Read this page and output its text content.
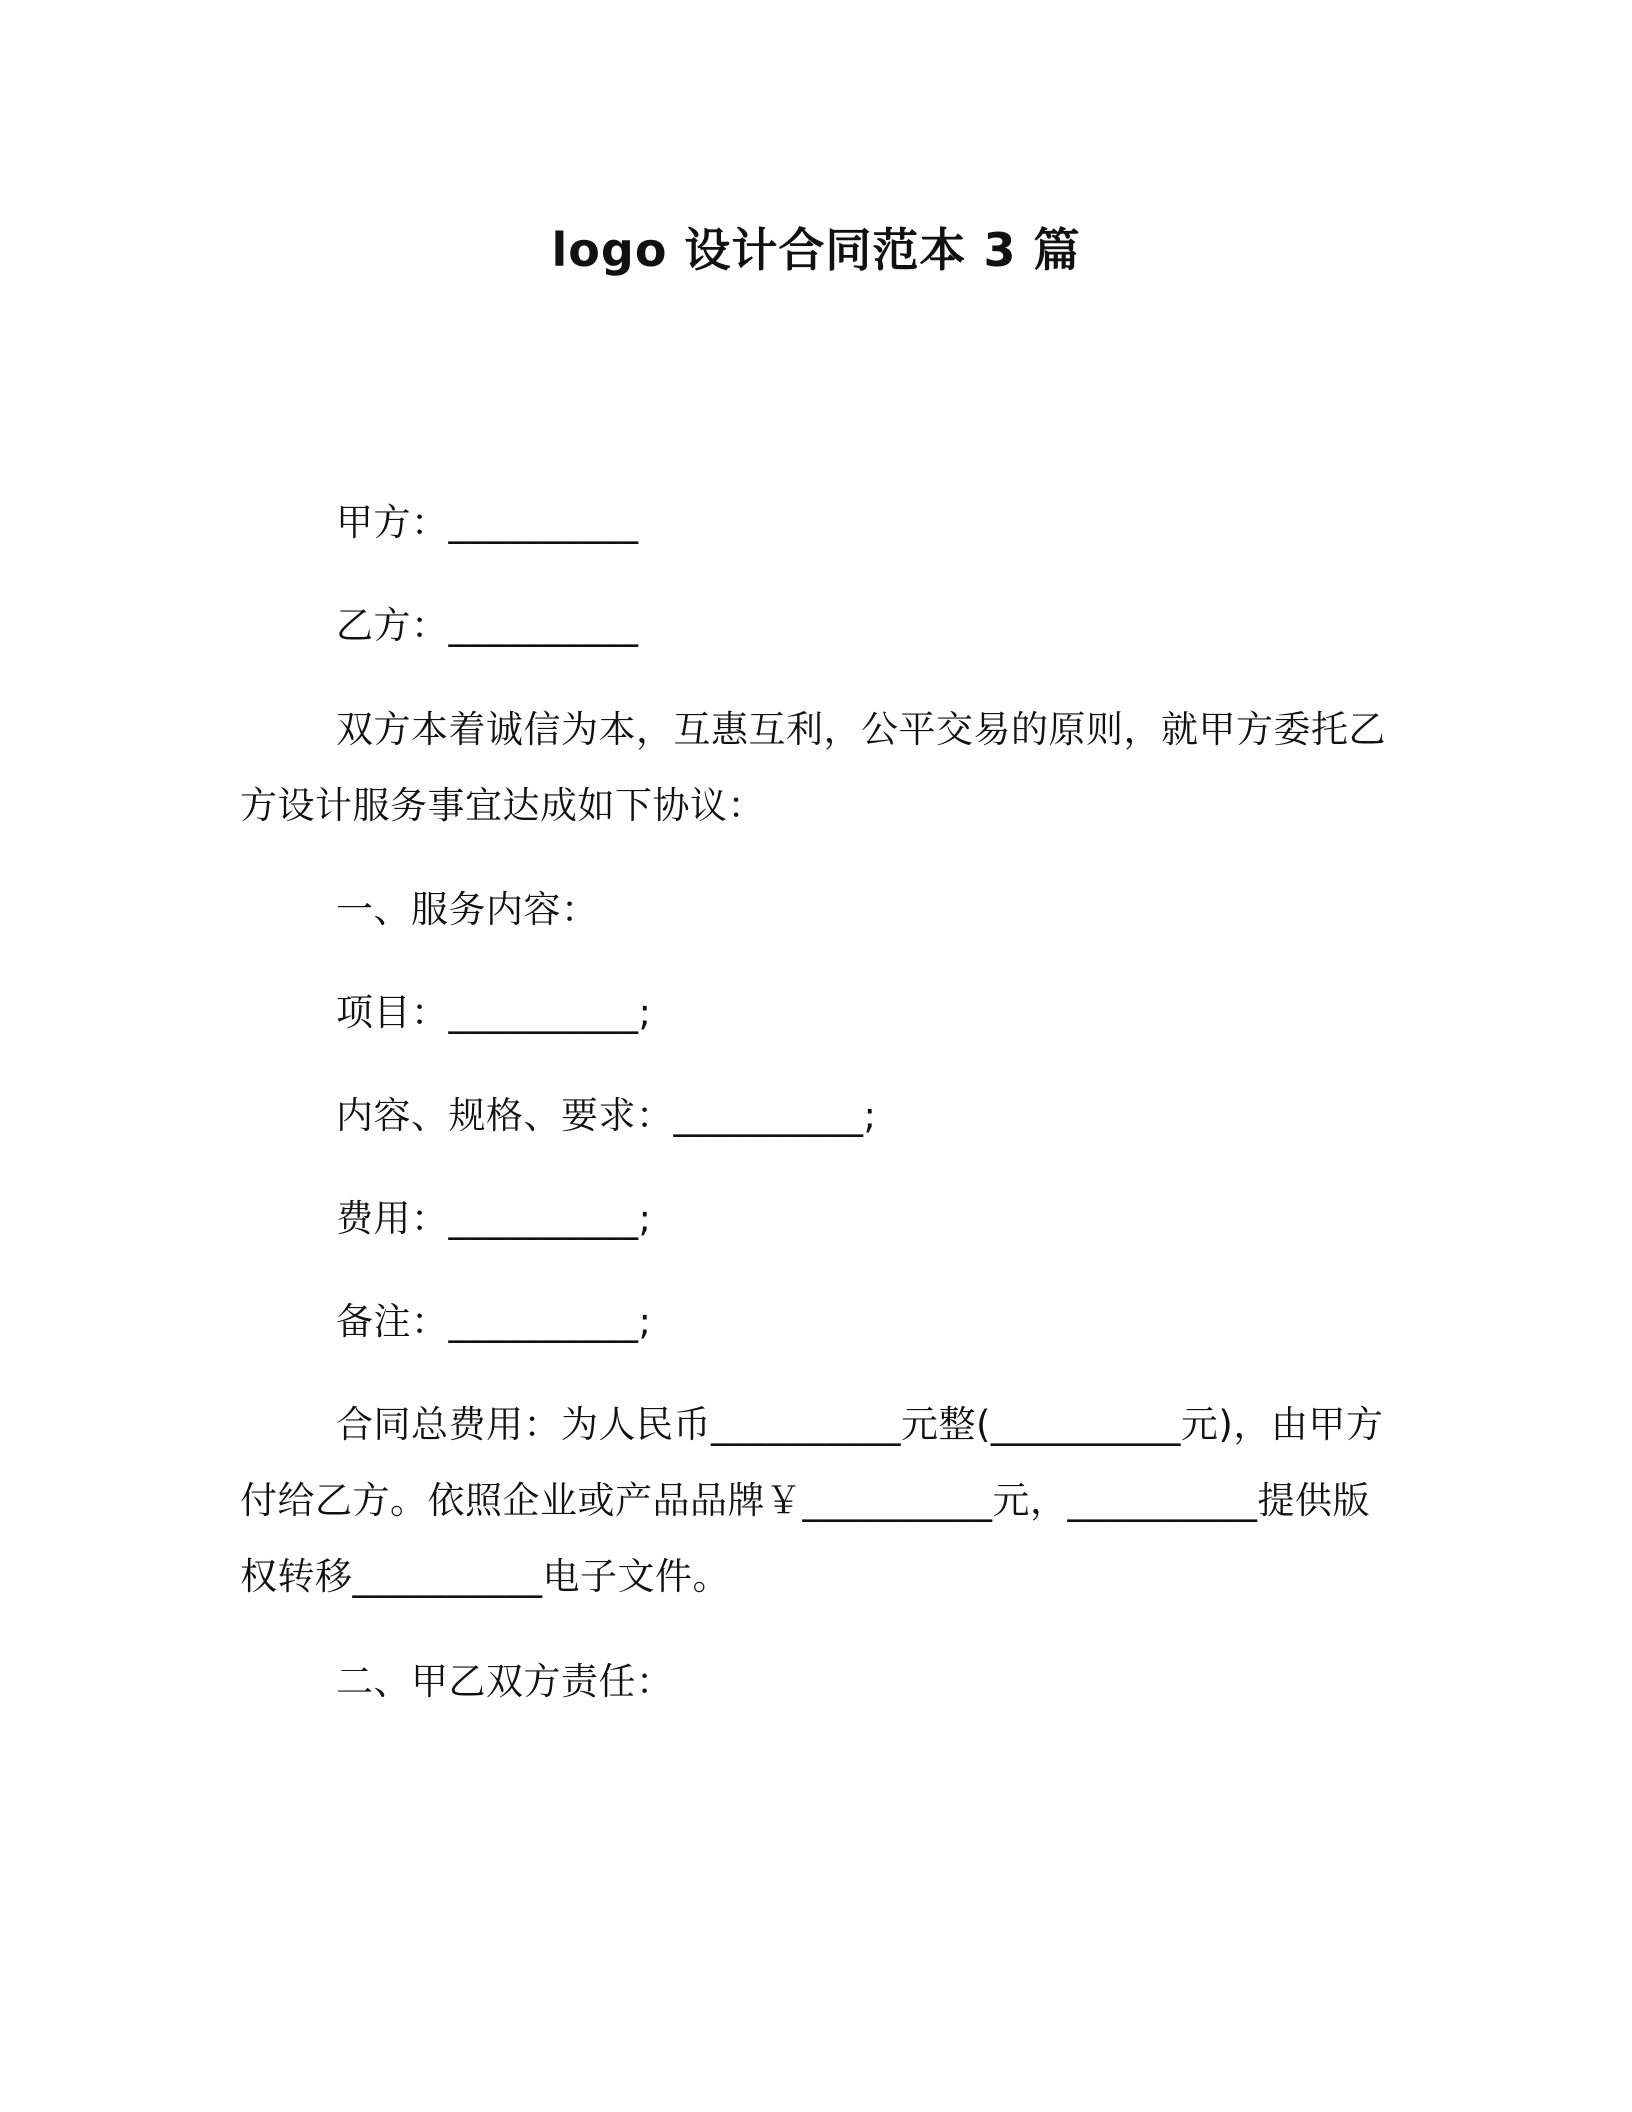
logo 设计合同范本 3 篇
甲方：__________
乙方：__________
双方本着诚信为本，互惠互利，公平交易的原则，就甲方委托乙
方设计服务事宜达成如下协议：
一、服务内容：
项目：__________;
内容、规格、要求：__________;
费用：__________;
备注：__________;
合同总费用：为人民币__________元整(__________元)，由甲方
付给乙方。依照企业或产品品牌￥__________元，__________提供版
权转移__________电子文件。
二、甲乙双方责任：
